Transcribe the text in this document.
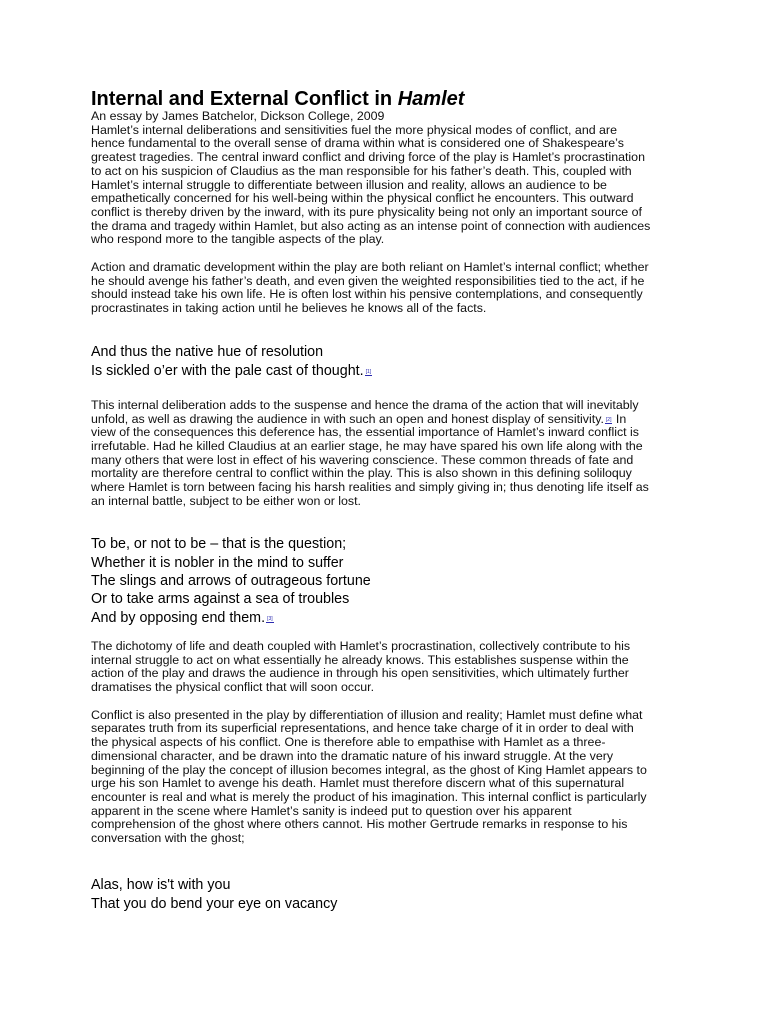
Internal and External Conflict in Hamlet

An essay by James Batchelor, Dickson College, 2009

Hamlet’s internal deliberations and sensitivities fuel the more physical modes of conflict, and are
hence fundamental to the overall sense of drama within what is considered one of Shakespeare’s
greatest tragedies. The central inward conflict and driving force of the play is Hamlet’s procrastination
to act on his suspicion of Claudius as the man responsible for his father’s death. This, coupled with
Hamlet’s internal struggle to differentiate between illusion and reality, allows an audience to be
empathetically concerned for his well-being within the physical conflict he encounters. This outward
conflict is thereby driven by the inward, with its pure physicality being not only an important source of
the drama and tragedy within Hamlet, but also acting as an intense point of connection with audiences
who respond more to the tangible aspects of the play.

Action and dramatic development within the play are both reliant on Hamlet’s internal conflict; whether
he should avenge his father’s death, and even given the weighted responsibilities tied to the act, if he
should instead take his own life. He is often lost within his pensive contemplations, and consequently
procrastinates in taking action until he believes he knows all of the facts.

And thus the native hue of resolution
Is sickled o’er with the pale cast of thought. [1]

This internal deliberation adds to the suspense and hence the drama of the action that will inevitably
unfold, as well as drawing the audience in with such an open and honest display of sensitivity. [2] In
view of the consequences this deference has, the essential importance of Hamlet’s inward conflict is
irrefutable. Had he killed Claudius at an earlier stage, he may have spared his own life along with the
many others that were lost in effect of his wavering conscience. These common threads of fate and
mortality are therefore central to conflict within the play. This is also shown in this defining soliloquy
where Hamlet is torn between facing his harsh realities and simply giving in; thus denoting life itself as
an internal battle, subject to be either won or lost.

To be, or not to be – that is the question;
Whether it is nobler in the mind to suffer
The slings and arrows of outrageous fortune
Or to take arms against a sea of troubles
And by opposing end them. [3]

The dichotomy of life and death coupled with Hamlet’s procrastination, collectively contribute to his
internal struggle to act on what essentially he already knows. This establishes suspense within the
action of the play and draws the audience in through his open sensitivities, which ultimately further
dramatises the physical conflict that will soon occur.

Conflict is also presented in the play by differentiation of illusion and reality; Hamlet must define what
separates truth from its superficial representations, and hence take charge of it in order to deal with
the physical aspects of his conflict. One is therefore able to empathise with Hamlet as a three-
dimensional character, and be drawn into the dramatic nature of his inward struggle. At the very
beginning of the play the concept of illusion becomes integral, as the ghost of King Hamlet appears to
urge his son Hamlet to avenge his death. Hamlet must therefore discern what of this supernatural
encounter is real and what is merely the product of his imagination. This internal conflict is particularly
apparent in the scene where Hamlet’s sanity is indeed put to question over his apparent
comprehension of the ghost where others cannot. His mother Gertrude remarks in response to his
conversation with the ghost;

Alas, how is't with you
That you do bend your eye on vacancy
